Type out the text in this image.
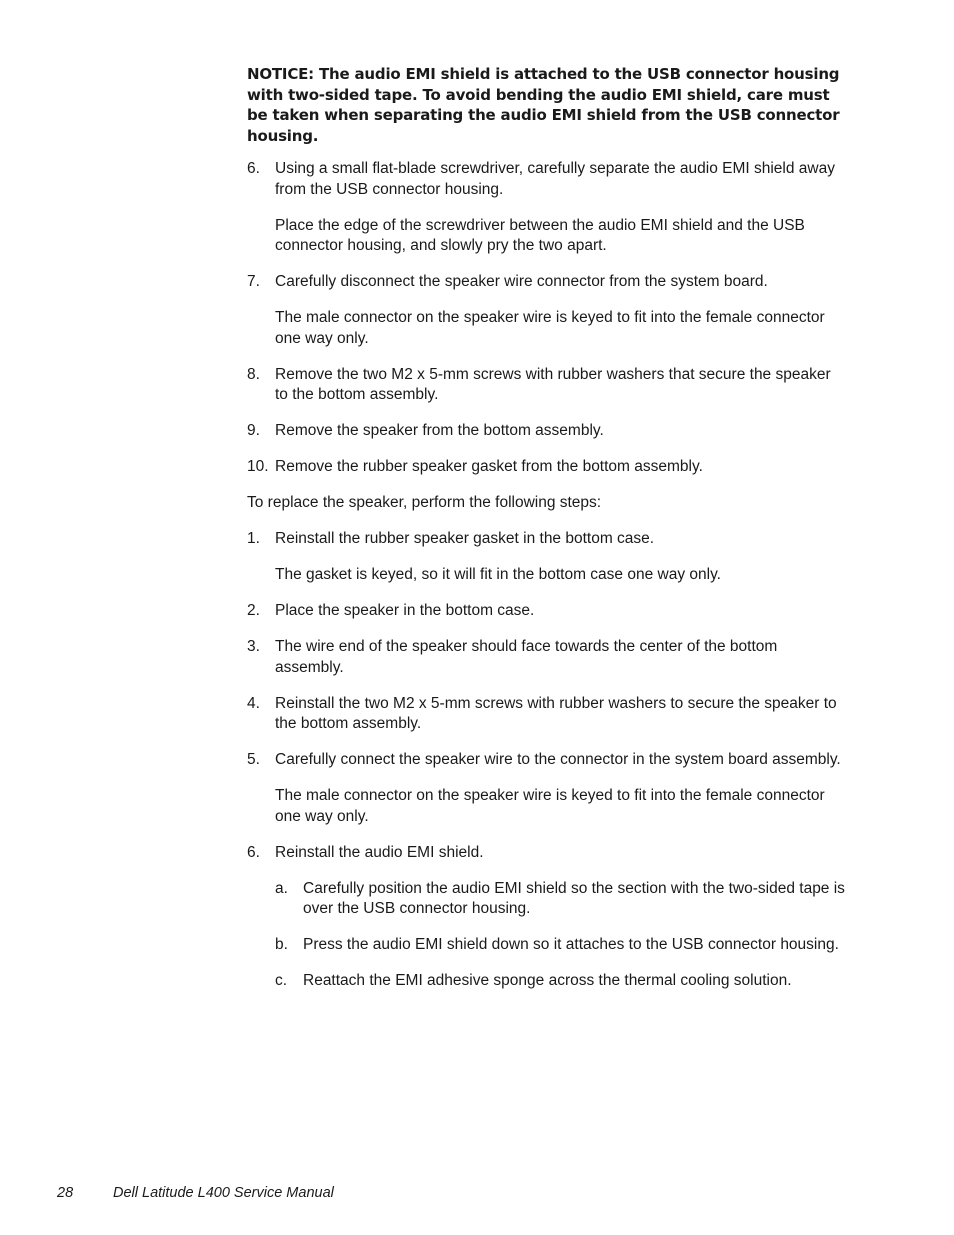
NOTICE: The audio EMI shield is attached to the USB connector housing with two-sided tape. To avoid bending the audio EMI shield, care must be taken when separating the audio EMI shield from the USB connector housing.

6. Using a small flat-blade screwdriver, carefully separate the audio EMI shield away from the USB connector housing.

Place the edge of the screwdriver between the audio EMI shield and the USB connector housing, and slowly pry the two apart.

7. Carefully disconnect the speaker wire connector from the system board.

The male connector on the speaker wire is keyed to fit into the female connector one way only.

8. Remove the two M2 x 5-mm screws with rubber washers that secure the speaker to the bottom assembly.
9. Remove the speaker from the bottom assembly.
10. Remove the rubber speaker gasket from the bottom assembly.

To replace the speaker, perform the following steps:

1. Reinstall the rubber speaker gasket in the bottom case.

The gasket is keyed, so it will fit in the bottom case one way only.

2. Place the speaker in the bottom case.
3. The wire end of the speaker should face towards the center of the bottom assembly.
4. Reinstall the two M2 x 5-mm screws with rubber washers to secure the speaker to the bottom assembly.
5. Carefully connect the speaker wire to the connector in the system board assembly.

The male connector on the speaker wire is keyed to fit into the female connector one way only.

6. Reinstall the audio EMI shield.
a. Carefully position the audio EMI shield so the section with the two-sided tape is over the USB connector housing.
b. Press the audio EMI shield down so it attaches to the USB connector housing.
c.	Reattach the EMI adhesive sponge across the thermal cooling solution.
28	Dell Latitude L400 Service Manual
